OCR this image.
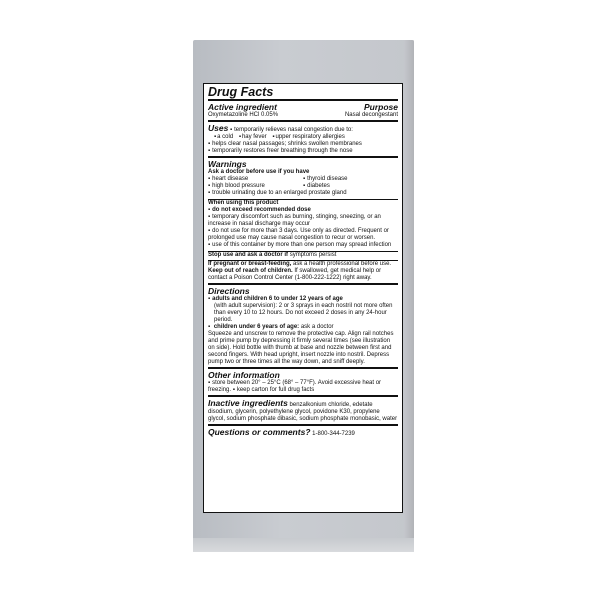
Drug Facts
Active ingredient	Purpose
Oxymetazoline HCl 0.05%	Nasal decongestant
Uses ▪ temporarily relieves nasal congestion due to:
▪ a cold ▪ hay fever ▪ upper respiratory allergies
▪ helps clear nasal passages; shrinks swollen membranes
▪ temporarily restores freer breathing through the nose
Warnings
Ask a doctor before use if you have
▪ heart disease
▪ high blood pressure
▪ thyroid disease
▪ diabetes
▪ trouble urinating due to an enlarged prostate gland
When using this product
▪ do not exceed recommended dose
▪ temporary discomfort such as burning, stinging, sneezing, or an increase in nasal discharge may occur
▪ do not use for more than 3 days. Use only as directed. Frequent or prolonged use may cause nasal congestion to recur or worsen.
▪ use of this container by more than one person may spread infection
Stop use and ask a doctor if symptoms persist
If pregnant or breast-feeding, ask a health professional before use. Keep out of reach of children. If swallowed, get medical help or contact a Poison Control Center (1-800-222-1222) right away.
Directions
▪ adults and children 6 to under 12 years of age
(with adult supervision): 2 or 3 sprays in each nostril not more often than every 10 to 12 hours. Do not exceed 2 doses in any 24-hour period.
▪ children under 6 years of age: ask a doctor
Squeeze and unscrew to remove the protective cap. Align rail notches and prime pump by depressing it firmly several times (see illustration on side). Hold bottle with thumb at base and nozzle between first and second fingers. With head upright, insert nozzle into nostril. Depress pump two or three times all the way down, and sniff deeply.
Other information
▪ store between 20° – 25°C (68° – 77°F). Avoid excessive heat or freezing. ▪ keep carton for full drug facts
Inactive ingredients benzalkonium chloride, edetate disodium, glycerin, polyethylene glycol, povidone K30, propylene glycol, sodium phosphate dibasic, sodium phosphate monobasic, water
Questions or comments? 1-800-344-7239
